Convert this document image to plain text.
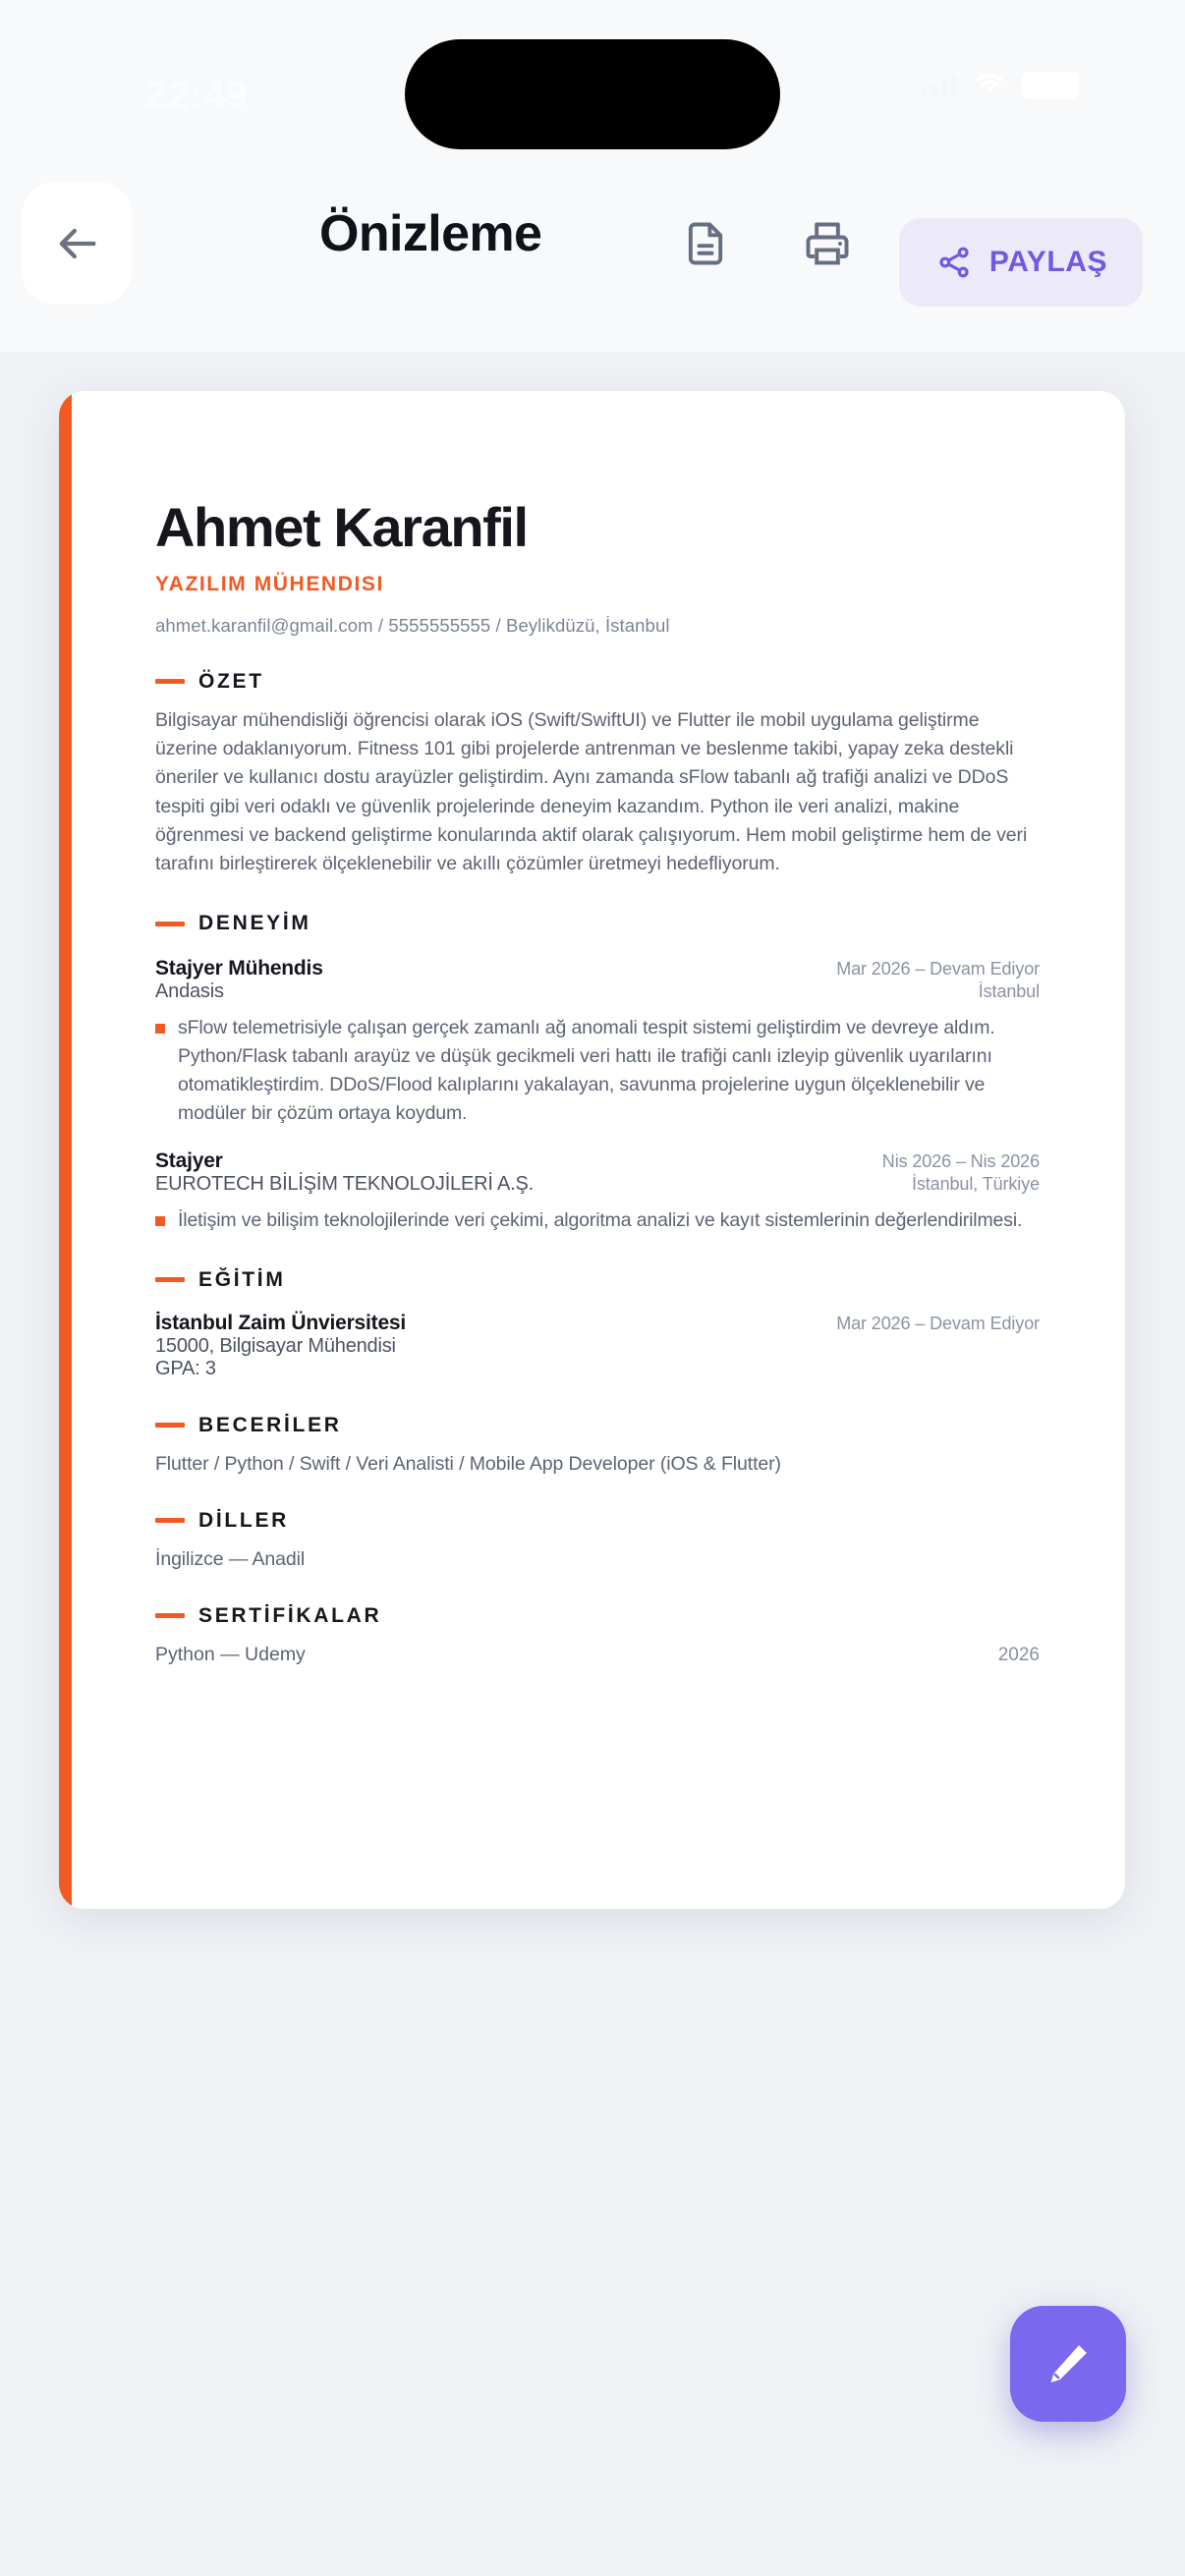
22:49
Önizleme	PAYLAŞ
Ahmet Karanfil
YAZILIM MÜHENDISI
ahmet.karanfil@gmail.com / 5555555555 / Beylikdüzü, İstanbul
ÖZET
Bilgisayar mühendisliği öğrencisi olarak iOS (Swift/SwiftUI) ve Flutter ile mobil uygulama geliştirme üzerine odaklanıyorum. Fitness 101 gibi projelerde antrenman ve beslenme takibi, yapay zeka destekli öneriler ve kullanıcı dostu arayüzler geliştirdim. Aynı zamanda sFlow tabanlı ağ trafiği analizi ve DDoS tespiti gibi veri odaklı ve güvenlik projelerinde deneyim kazandım. Python ile veri analizi, makine öğrenmesi ve backend geliştirme konularında aktif olarak çalışıyorum. Hem mobil geliştirme hem de veri tarafını birleştirerek ölçeklenebilir ve akıllı çözümler üretmeyi hedefliyorum.
DENEYİM
Stajyer Mühendis	Mar 2026 – Devam Ediyor
Andasis	İstanbul
sFlow telemetrisiyle çalışan gerçek zamanlı ağ anomali tespit sistemi geliştirdim ve devreye aldım. Python/Flask tabanlı arayüz ve düşük gecikmeli veri hattı ile trafiği canlı izleyip güvenlik uyarılarını otomatikleştirdim. DDoS/Flood kalıplarını yakalayan, savunma projelerine uygun ölçeklenebilir ve modüler bir çözüm ortaya koydum.
Stajyer	Nis 2026 – Nis 2026
EUROTECH BİLİŞİM TEKNOLOJİLERİ A.Ş.	İstanbul, Türkiye
İletişim ve bilişim teknolojilerinde veri çekimi, algoritma analizi ve kayıt sistemlerinin değerlendirilmesi.
EĞİTİM
İstanbul Zaim Ünviersitesi	Mar 2026 – Devam Ediyor
15000, Bilgisayar Mühendisi
GPA: 3
BECERİLER
Flutter / Python / Swift / Veri Analisti / Mobile App Developer (iOS & Flutter)
DİLLER
İngilizce — Anadil
SERTİFİKALAR
Python — Udemy	2026
